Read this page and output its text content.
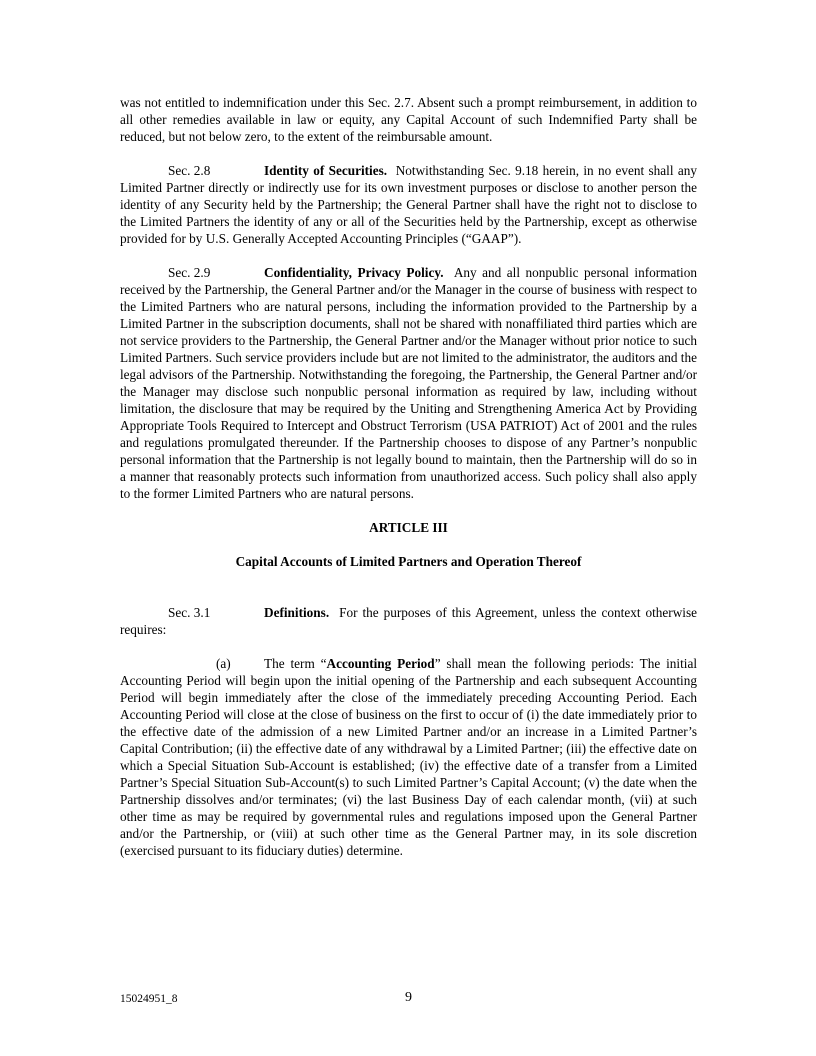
was not entitled to indemnification under this Sec. 2.7. Absent such a prompt reimbursement, in addition to all other remedies available in law or equity, any Capital Account of such Indemnified Party shall be reduced, but not below zero, to the extent of the reimbursable amount.

Sec. 2.8	Identity of Securities. Notwithstanding Sec. 9.18 herein, in no event shall any Limited Partner directly or indirectly use for its own investment purposes or disclose to another person the identity of any Security held by the Partnership; the General Partner shall have the right not to disclose to the Limited Partners the identity of any or all of the Securities held by the Partnership, except as otherwise provided for by U.S. Generally Accepted Accounting Principles (“GAAP”).

Sec. 2.9	Confidentiality, Privacy Policy. Any and all nonpublic personal information received by the Partnership, the General Partner and/or the Manager in the course of business with respect to the Limited Partners who are natural persons, including the information provided to the Partnership by a Limited Partner in the subscription documents, shall not be shared with nonaffiliated third parties which are not service providers to the Partnership, the General Partner and/or the Manager without prior notice to such Limited Partners. Such service providers include but are not limited to the administrator, the auditors and the legal advisors of the Partnership. Notwithstanding the foregoing, the Partnership, the General Partner and/or the Manager may disclose such nonpublic personal information as required by law, including without limitation, the disclosure that may be required by the Uniting and Strengthening America Act by Providing Appropriate Tools Required to Intercept and Obstruct Terrorism (USA PATRIOT) Act of 2001 and the rules and regulations promulgated thereunder. If the Partnership chooses to dispose of any Partner’s nonpublic personal information that the Partnership is not legally bound to maintain, then the Partnership will do so in a manner that reasonably protects such information from unauthorized access. Such policy shall also apply to the former Limited Partners who are natural persons.

ARTICLE III

Capital Accounts of Limited Partners and Operation Thereof

Sec. 3.1	Definitions. For the purposes of this Agreement, unless the context otherwise requires:

(a)	The term “Accounting Period” shall mean the following periods: The initial Accounting Period will begin upon the initial opening of the Partnership and each subsequent Accounting Period will begin immediately after the close of the immediately preceding Accounting Period. Each Accounting Period will close at the close of business on the first to occur of (i) the date immediately prior to the effective date of the admission of a new Limited Partner and/or an increase in a Limited Partner’s Capital Contribution; (ii) the effective date of any withdrawal by a Limited Partner; (iii) the effective date on which a Special Situation Sub-Account is established; (iv) the effective date of a transfer from a Limited Partner’s Special Situation Sub-Account(s) to such Limited Partner’s Capital Account; (v) the date when the Partnership dissolves and/or terminates; (vi) the last Business Day of each calendar month, (vii) at such other time as may be required by governmental rules and regulations imposed upon the General Partner and/or the Partnership, or (viii) at such other time as the General Partner may, in its sole discretion (exercised pursuant to its fiduciary duties) determine.

15024951_8	9
